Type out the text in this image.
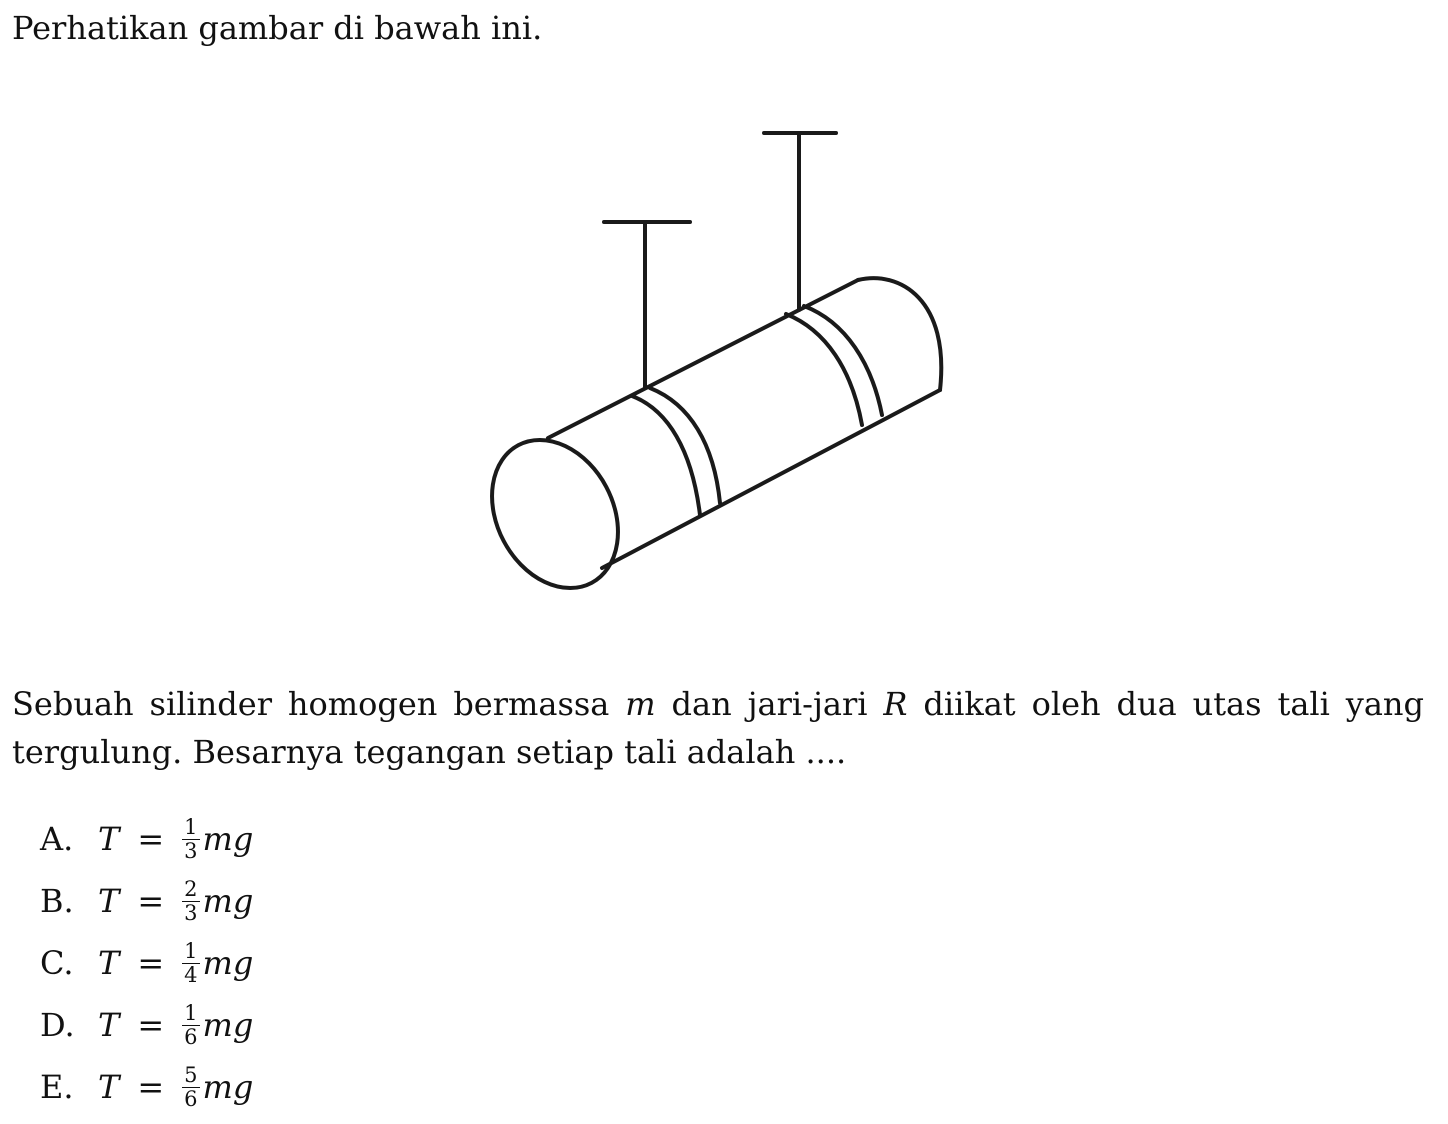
Perhatikan gambar di bawah ini.

Sebuah silinder homogen bermassa m dan jari-jari R diikat oleh dua utas tali yang tergulung. Besarnya tegangan setiap tali adalah ....

A. $T = \frac{1}{3}$ mg
B. $T = \frac{2}{3}$ mg
C. $T = \frac{1}{4}$ mg
D. $T = \frac{1}{6}$ mg
E. $T = \frac{5}{6}$ mg
